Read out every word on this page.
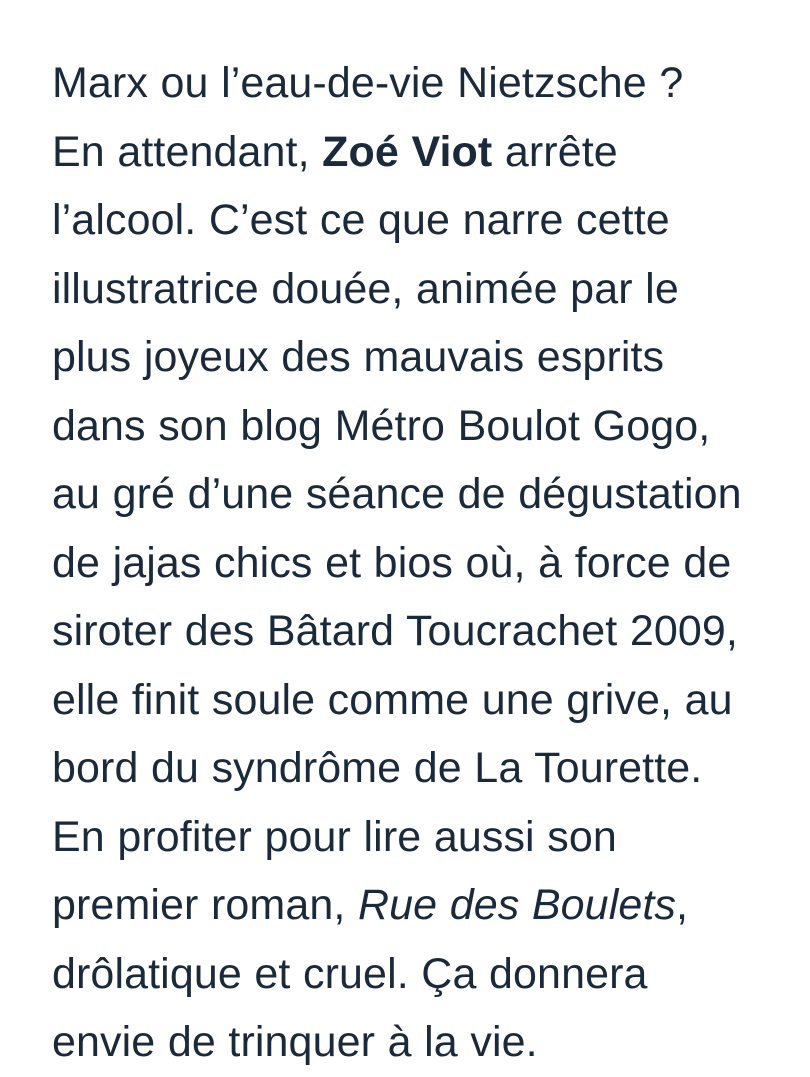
Marx ou l’eau-de-vie Nietzsche ? En attendant, Zoé Viot arrête l’alcool. C’est ce que narre cette illustratrice douée, animée par le plus joyeux des mauvais esprits dans son blog Métro Boulot Gogo, au gré d’une séance de dégustation de jajas chics et bios où, à force de siroter des Bâtard Toucrachet 2009, elle finit soule comme une grive, au bord du syndrôme de La Tourette. En profiter pour lire aussi son premier roman, Rue des Boulets, drôlatique et cruel. Ça donnera envie de trinquer à la vie.
